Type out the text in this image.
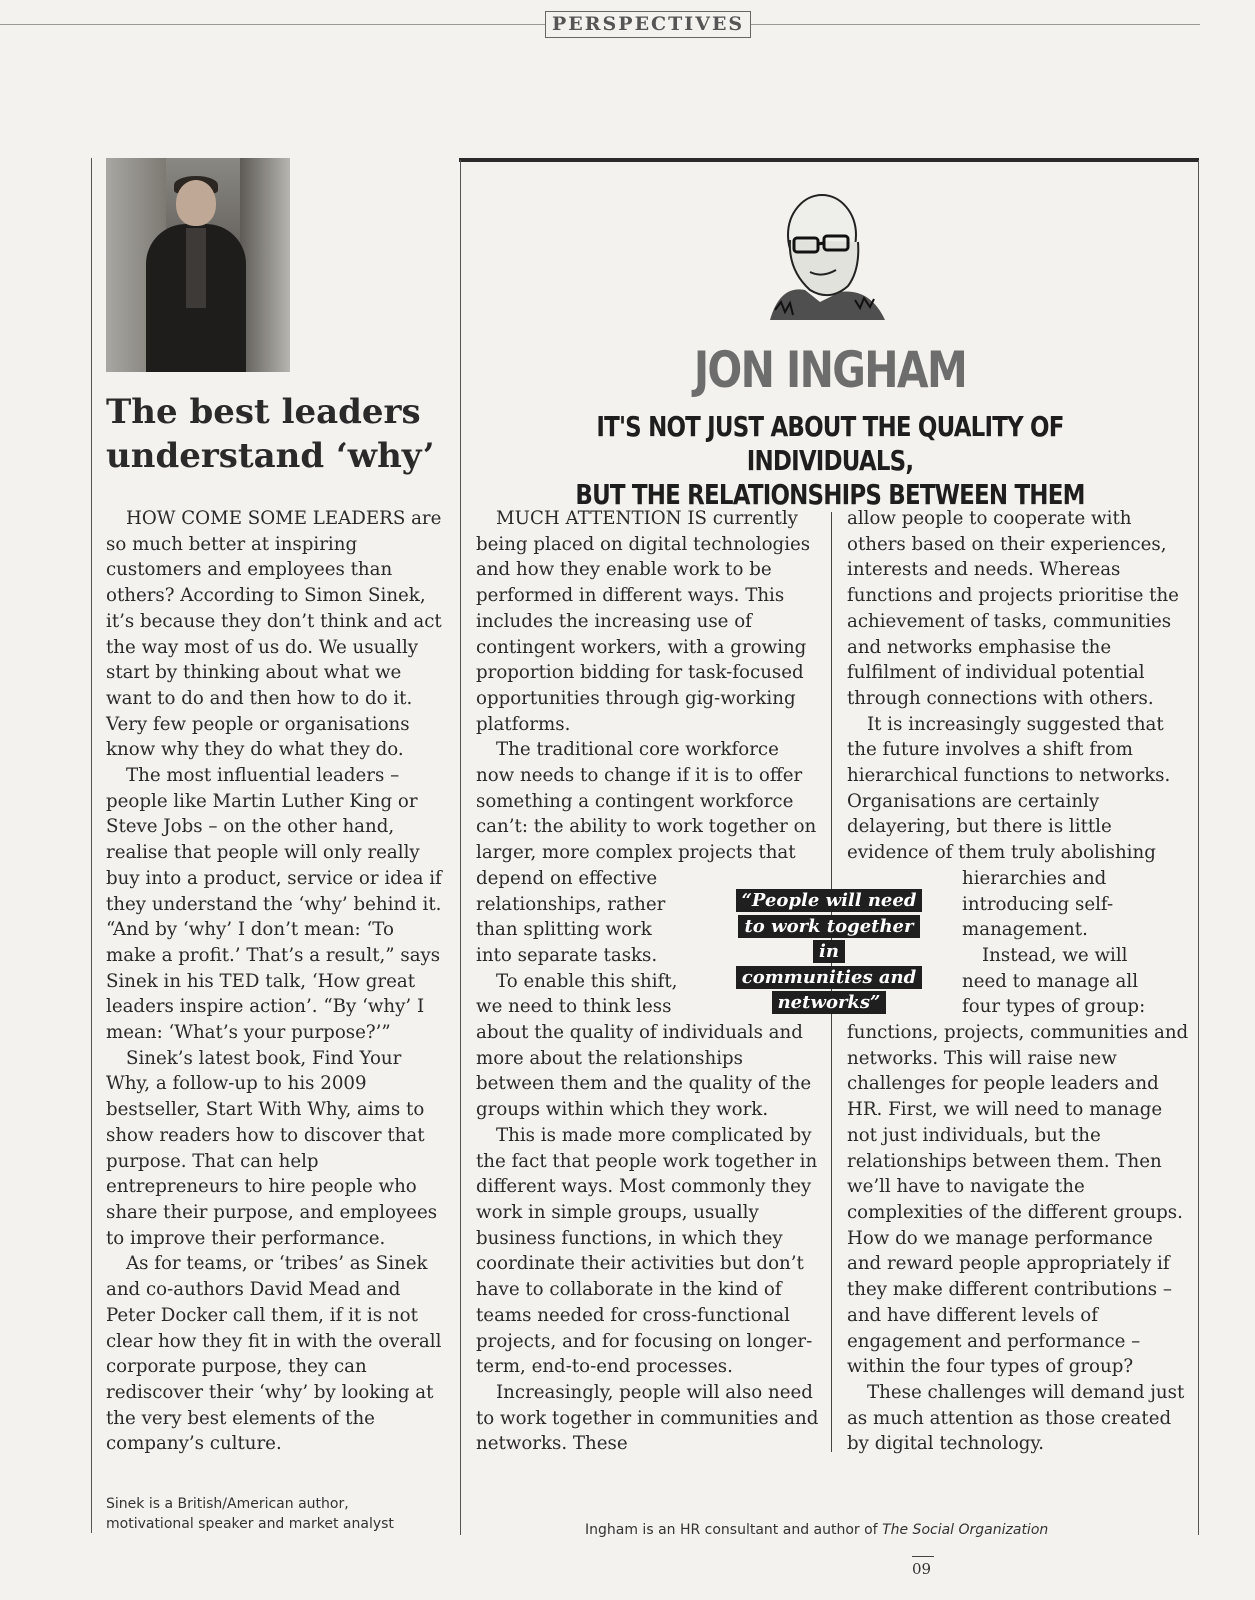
PERSPECTIVES
The best leaders understand ‘why’

HOW COME SOME LEADERS are so much better at inspiring customers and employees than others? According to Simon Sinek, it’s because they don’t think and act the way most of us do. We usually start by thinking about what we want to do and then how to do it. Very few people or organisations know why they do what they do.

The most influential leaders – people like Martin Luther King or Steve Jobs – on the other hand, realise that people will only really buy into a product, service or idea if they understand the ‘why’ behind it. “And by ‘why’ I don’t mean: ‘To make a profit.’ That’s a result,” says Sinek in his TED talk, ‘How great leaders inspire action’. “By ‘why’ I mean: ‘What’s your purpose?’”

Sinek’s latest book, Find Your Why, a follow-up to his 2009 bestseller, Start With Why, aims to show readers how to discover that purpose. That can help entrepreneurs to hire people who share their purpose, and employees to improve their performance.

As for teams, or ‘tribes’ as Sinek and co-authors David Mead and Peter Docker call them, if it is not clear how they fit in with the overall corporate purpose, they can rediscover their ‘why’ by looking at the very best elements of the company’s culture.

Sinek is a British/American author,
motivational speaker and market analyst
JON INGHAM
IT'S NOT JUST ABOUT THE QUALITY OF INDIVIDUALS,
BUT THE RELATIONSHIPS BETWEEN THEM

MUCH ATTENTION IS currently being placed on digital technologies and how they enable work to be performed in different ways. This includes the increasing use of contingent workers, with a growing proportion bidding for task-focused opportunities through gig-working platforms.

The traditional core workforce now needs to change if it is to offer something a contingent workforce can’t: the ability to work together on larger, more complex projects that

depend on effective relationships, rather than splitting work into separate tasks.

To enable this shift, we need to think less

about the quality of individuals and more about the relationships between them and the quality of the groups within which they work.

This is made more complicated by the fact that people work together in different ways. Most commonly they work in simple groups, usually business functions, in which they coordinate their activities but don’t have to collaborate in the kind of teams needed for cross-functional projects, and for focusing on longer-term, end-to-end processes.

Increasingly, people will also need to work together in communities and networks. These

allow people to cooperate with others based on their experiences, interests and needs. Whereas functions and projects prioritise the achievement of tasks, communities and networks emphasise the fulfilment of individual potential through connections with others.

It is increasingly suggested that the future involves a shift from hierarchical functions to networks. Organisations are certainly delayering, but there is little evidence of them truly abolishing

hierarchies and introducing self-management.

Instead, we will need to manage all four types of group:

functions, projects, communities and networks. This will raise new challenges for people leaders and HR. First, we will need to manage not just individuals, but the relationships between them. Then we’ll have to navigate the complexities of the different groups. How do we manage performance and reward people appropriately if they make different contributions – and have different levels of engagement and performance – within the four types of group?

These challenges will demand just as much attention as those created by digital technology.

“People will need
to work together in
communities and
networks”
Ingham is an HR consultant and author of The Social Organization
09
